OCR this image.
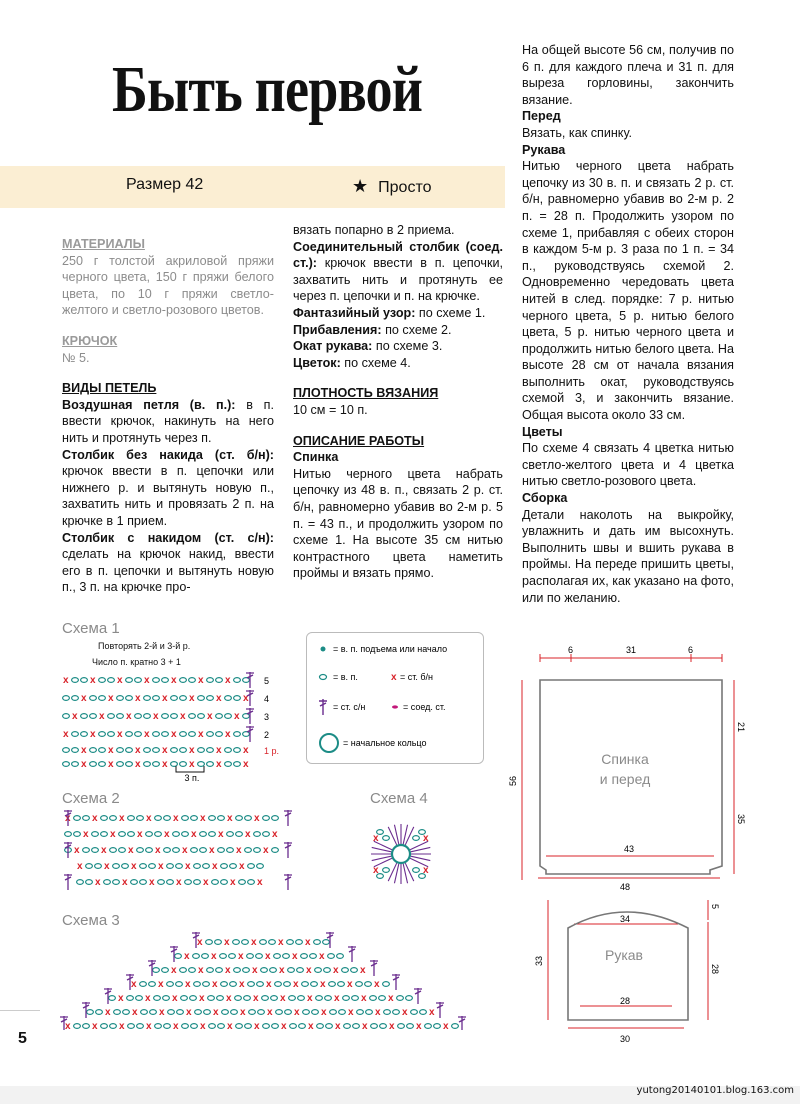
Быть первой
Размер 42	★ Просто

МАТЕРИАЛЫ

250 г толстой акриловой пряжи черного цвета, 150 г пряжи белого цвета, по 10 г пряжи светло-желтого и светло-розового цветов.

КРЮЧОК

№ 5.

ВИДЫ ПЕТЕЛЬ

Воздушная петля (в. п.): в п. ввести крючок, накинуть на него нить и протянуть через п.

Столбик без накида (ст. б/н): крючок ввести в п. цепочки или нижнего р. и вытянуть новую п., захватить нить и провязать 2 п. на крючке в 1 прием.

Столбик с накидом (ст. с/н): сделать на крючок накид, ввести его в п. цепочки и вытянуть новую п., 3 п. на крючке про-

вязать попарно в 2 приема.

Соединительный столбик (соед. ст.): крючок ввести в п. цепочки, захватить нить и протянуть ее через п. цепочки и п. на крючке.

Фантазийный узор: по схеме 1.

Прибавления: по схеме 2.

Окат рукава: по схеме 3.

Цветок: по схеме 4.

ПЛОТНОСТЬ ВЯЗАНИЯ

10 см = 10 п.

ОПИСАНИЕ РАБОТЫ

Спинка

Нитью черного цвета набрать цепочку из 48 в. п., связать 2 р. ст. б/н, равномерно убавив во 2-м р. 5 п. = 43 п., и продолжить узором по схеме 1. На высоте 35 см нитью контрастного цвета наметить проймы и вязать прямо.

На общей высоте 56 см, получив по 6 п. для каждого плеча и 31 п. для выреза горловины, закончить вязание.

Перед

Вязать, как спинку.

Рукава

Нитью черного цвета набрать цепочку из 30 в. п. и связать 2 р. ст. б/н, равномерно убавив во 2-м р. 2 п. = 28 п. Продолжить узором по схеме 1, прибавляя с обеих сторон в каждом 5-м р. 3 раза по 1 п. = 34 п., руководствуясь схемой 2. Одновременно чередовать цвета нитей в след. порядке: 7 р. нитью черного цвета, 5 р. нитью белого цвета, 5 р. нитью черного цвета и продолжить нитью белого цвета. На высоте 28 см от начала вязания выполнить окат, руководствуясь схемой 3, и закончить вязание. Общая высота около 33 см.

Цветы

По схеме 4 связать 4 цветка нитью светло-желтого цвета и 4 цветка нитью светло-розового цвета.

Сборка

Детали наколоть на выкройку, увлажнить и дать им высохнуть. Выполнить швы и вшить рукава в проймы. На переде пришить цветы, располагая их, как указано на фото, или по желанию.

Схема 1
Повторять 2-й и 3-й р.
Число п. кратно 3 + 1
Схема 2	Схема 4
Схема 3
x x x x x x x
x x x x x x x
x x x x x x x
x x x x x x x
x x x x x x x
x x x x x x x
5
4
3
2
1 р.
3 п.
= в. п. подъема или начало
= в. п.	x = ст. б/н
= ст. с/н	= соед. ст.
= начальное кольцо
x x x x x x x x
x x x x x x x x
x x x x x x x x
x x x x x x x
x x x x x x x
x	x
x
x
x x x x x x x x x x x x x x x
x x x x x x x x x x x x x
x x x x x x x x x x x
x x x x x x x x x x
x x x x x x x x
x x x x x x
x x x x x
6	31	6
56
21
35
43
48
Спинка
и перед
34
28
30
33
5
28
Рукав
5
yutong20140101.blog.163.com
